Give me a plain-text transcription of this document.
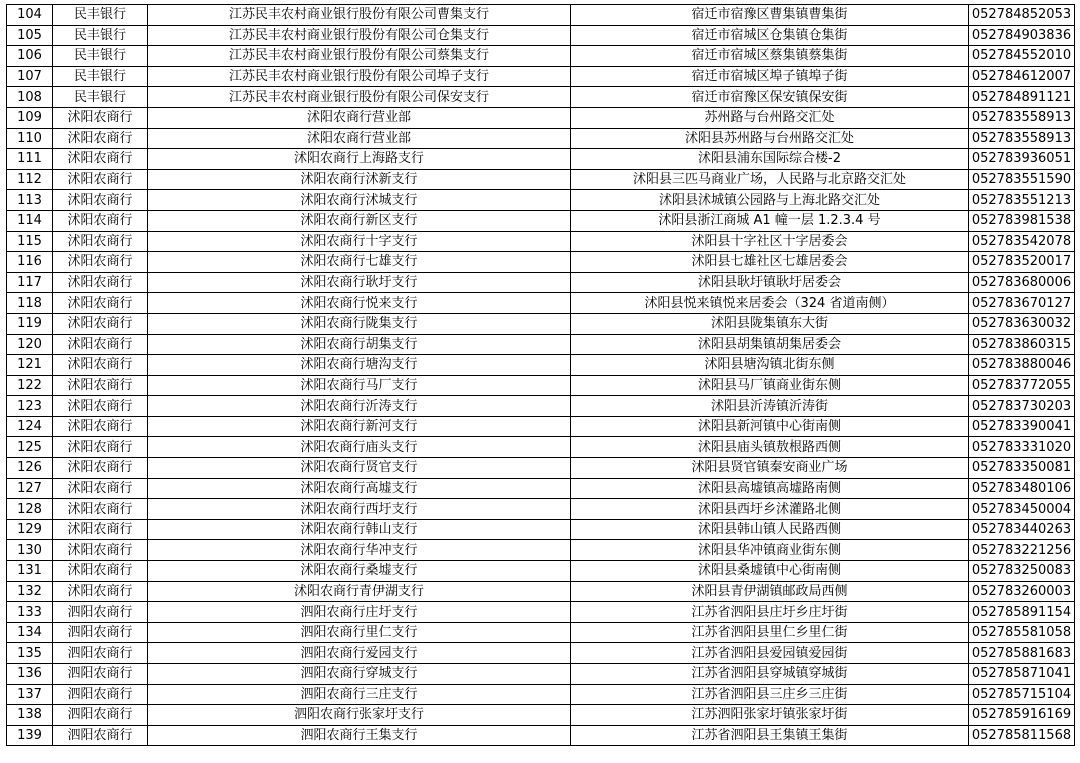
104	民丰银行	江苏民丰农村商业银行股份有限公司曹集支行	宿迁市宿豫区曹集镇曹集街	052784852053
105	民丰银行	江苏民丰农村商业银行股份有限公司仓集支行	宿迁市宿城区仓集镇仓集街	052784903836
106	民丰银行	江苏民丰农村商业银行股份有限公司蔡集支行	宿迁市宿城区蔡集镇蔡集街	052784552010
107	民丰银行	江苏民丰农村商业银行股份有限公司埠子支行	宿迁市宿城区埠子镇埠子街	052784612007
108	民丰银行	江苏民丰农村商业银行股份有限公司保安支行	宿迁市宿豫区保安镇保安街	052784891121
109	沭阳农商行	沭阳农商行营业部	苏州路与台州路交汇处	052783558913
110	沭阳农商行	沭阳农商行营业部	沭阳县苏州路与台州路交汇处	052783558913
111	沭阳农商行	沭阳农商行上海路支行	沭阳县浦东国际综合楼-2	052783936051
112	沭阳农商行	沭阳农商行沭新支行	沭阳县三匹马商业广场，人民路与北京路交汇处	052783551590
113	沭阳农商行	沭阳农商行沭城支行	沭阳县沭城镇公园路与上海北路交汇处	052783551213
114	沭阳农商行	沭阳农商行新区支行	沭阳县浙江商城 A1 幢一层 1.2.3.4 号	052783981538
115	沭阳农商行	沭阳农商行十字支行	沭阳县十字社区十字居委会	052783542078
116	沭阳农商行	沭阳农商行七雄支行	沭阳县七雄社区七雄居委会	052783520017
117	沭阳农商行	沭阳农商行耿圩支行	沭阳县耿圩镇耿圩居委会	052783680006
118	沭阳农商行	沭阳农商行悦来支行	沭阳县悦来镇悦来居委会（324 省道南侧）	052783670127
119	沭阳农商行	沭阳农商行陇集支行	沭阳县陇集镇东大街	052783630032
120	沭阳农商行	沭阳农商行胡集支行	沭阳县胡集镇胡集居委会	052783860315
121	沭阳农商行	沭阳农商行塘沟支行	沭阳县塘沟镇北街东侧	052783880046
122	沭阳农商行	沭阳农商行马厂支行	沭阳县马厂镇商业街东侧	052783772055
123	沭阳农商行	沭阳农商行沂涛支行	沭阳县沂涛镇沂涛街	052783730203
124	沭阳农商行	沭阳农商行新河支行	沭阳县新河镇中心街南侧	052783390041
125	沭阳农商行	沭阳农商行庙头支行	沭阳县庙头镇敖根路西侧	052783331020
126	沭阳农商行	沭阳农商行贤官支行	沭阳县贤官镇秦安商业广场	052783350081
127	沭阳农商行	沭阳农商行高墟支行	沭阳县高墟镇高墟路南侧	052783480106
128	沭阳农商行	沭阳农商行西圩支行	沭阳县西圩乡沭灌路北侧	052783450004
129	沭阳农商行	沭阳农商行韩山支行	沭阳县韩山镇人民路西侧	052783440263
130	沭阳农商行	沭阳农商行华冲支行	沭阳县华冲镇商业街东侧	052783221256
131	沭阳农商行	沭阳农商行桑墟支行	沭阳县桑墟镇中心街南侧	052783250083
132	沭阳农商行	沭阳农商行青伊湖支行	沭阳县青伊湖镇邮政局西侧	052783260003
133	泗阳农商行	泗阳农商行庄圩支行	江苏省泗阳县庄圩乡庄圩街	052785891154
134	泗阳农商行	泗阳农商行里仁支行	江苏省泗阳县里仁乡里仁街	052785581058
135	泗阳农商行	泗阳农商行爱园支行	江苏省泗阳县爱园镇爱园街	052785881683
136	泗阳农商行	泗阳农商行穿城支行	江苏省泗阳县穿城镇穿城街	052785871041
137	泗阳农商行	泗阳农商行三庄支行	江苏省泗阳县三庄乡三庄街	052785715104
138	泗阳农商行	泗阳农商行张家圩支行	江苏泗阳张家圩镇张家圩街	052785916169
139	泗阳农商行	泗阳农商行王集支行	江苏省泗阳县王集镇王集街	052785811568
